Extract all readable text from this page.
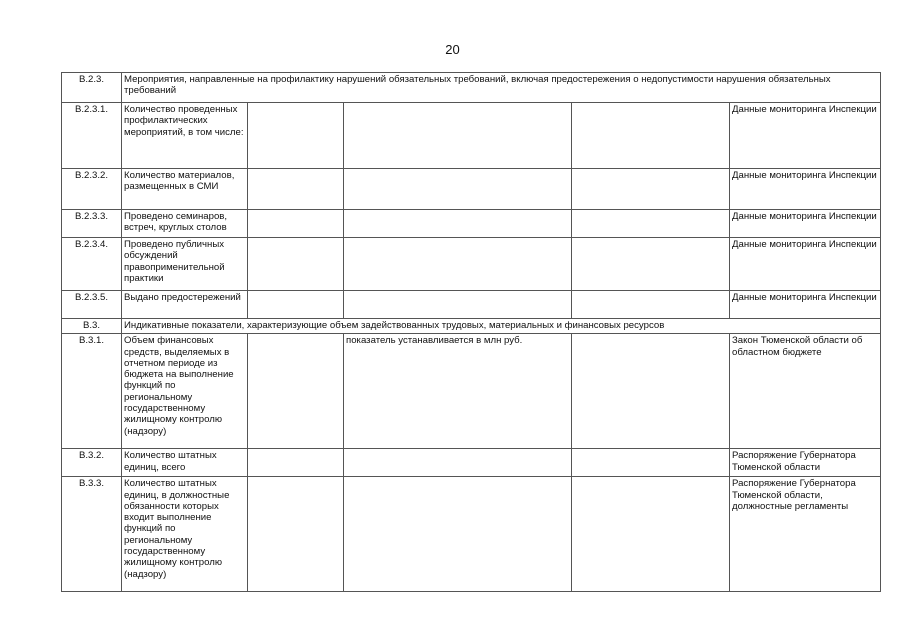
20
В.2.3.	Мероприятия, направленные на профилактику нарушений обязательных требований, включая предостережения о недопустимости нарушения обязательных требований				
В.2.3.1.	Количество проведенных профилактических мероприятий, в том числе:				Данные мониторинга Инспекции
В.2.3.2.	Количество материалов, размещенных в СМИ				Данные мониторинга Инспекции
В.2.3.3.	Проведено семинаров, встреч, круглых столов				Данные мониторинга Инспекции
В.2.3.4.	Проведено публичных обсуждений правоприменительной практики				Данные мониторинга Инспекции
В.2.3.5.	Выдано предостережений				Данные мониторинга Инспекции
В.3.	Индикативные показатели, характеризующие объем задействованных трудовых, материальных и финансовых ресурсов				
В.3.1.	Объем финансовых средств, выделяемых в отчетном периоде из бюджета на выполнение функций по региональному государственному жилищному контролю (надзору)		показатель устанавливается в млн руб.		Закон Тюменской области об областном бюджете
В.3.2.	Количество штатных единиц, всего				Распоряжение Губернатора Тюменской области
В.3.3.	Количество штатных единиц, в должностные обязанности которых входит выполнение функций по региональному государственному жилищному контролю (надзору)				Распоряжение Губернатора Тюменской области, должностные регламенты
